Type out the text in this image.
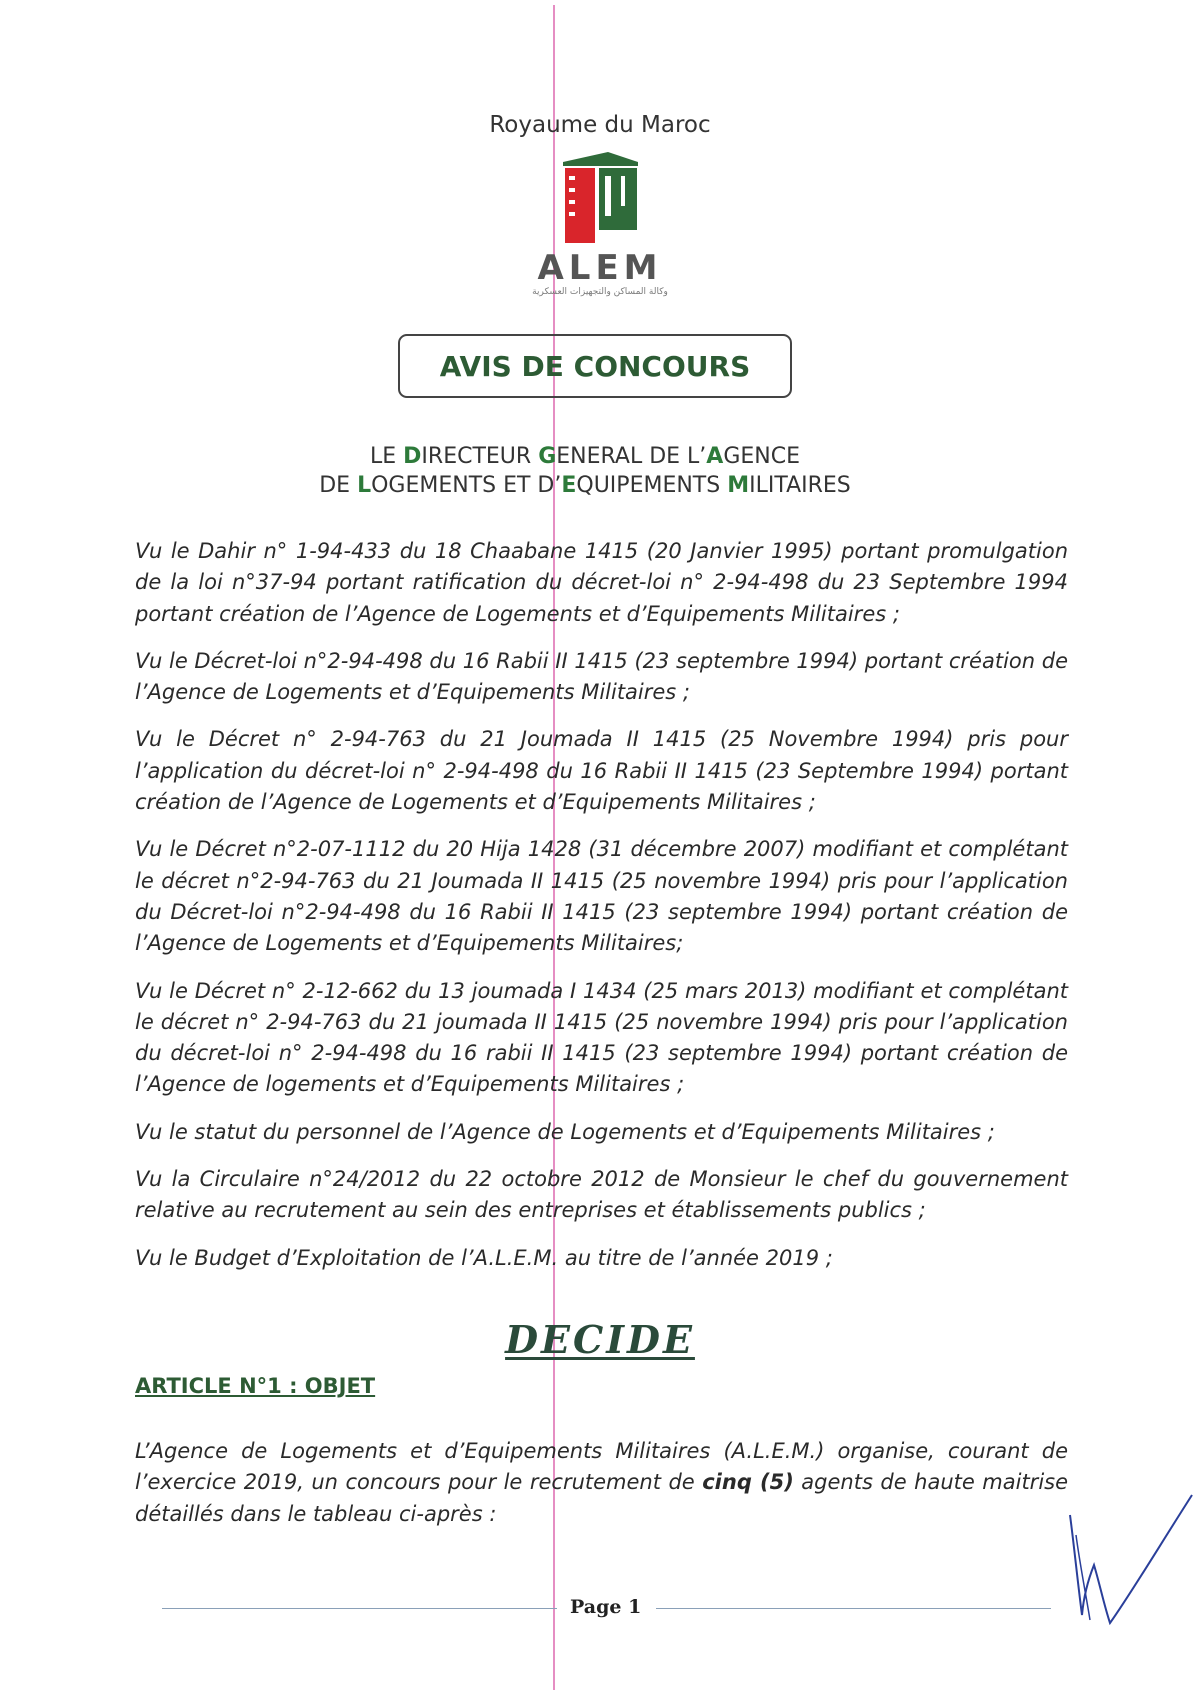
Royaume du Maroc
ALEM
وكالة المساكن والتجهيزات العسكرية
AVIS DE CONCOURS
LE DIRECTEUR GENERAL DE L’AGENCE
DE LOGEMENTS ET D’EQUIPEMENTS MILITAIRES

Vu le Dahir n° 1-94-433 du 18 Chaabane 1415 (20 Janvier 1995) portant promulgation de la loi n°37-94 portant ratification du décret-loi n° 2-94-498 du 23 Septembre 1994 portant création de l’Agence de Logements et d’Equipements Militaires ;

Vu le Décret-loi n°2-94-498 du 16 Rabii II 1415 (23 septembre 1994) portant création de l’Agence de Logements et d’Equipements Militaires ;

Vu le Décret n° 2-94-763 du 21 Joumada II 1415 (25 Novembre 1994) pris pour l’application du décret-loi n° 2-94-498 du 16 Rabii II 1415 (23 Septembre 1994) portant création de l’Agence de Logements et d’Equipements Militaires ;

Vu le Décret n°2-07-1112 du 20 Hija 1428 (31 décembre 2007) modifiant et complétant le décret n°2-94-763 du 21 Joumada II 1415 (25 novembre 1994) pris pour l’application du Décret-loi n°2-94-498 du 16 Rabii II 1415 (23 septembre 1994) portant création de l’Agence de Logements et d’Equipements Militaires;

Vu le Décret n° 2-12-662 du 13 joumada I 1434 (25 mars 2013) modifiant et complétant le décret n° 2-94-763 du 21 joumada II 1415 (25 novembre 1994) pris pour l’application du décret-loi n° 2-94-498 du 16 rabii II 1415 (23 septembre 1994) portant création de l’Agence de logements et d’Equipements Militaires ;

Vu le statut du personnel de l’Agence de Logements et d’Equipements Militaires ;

Vu la Circulaire n°24/2012 du 22 octobre 2012 de Monsieur le chef du gouvernement relative au recrutement au sein des entreprises et établissements publics ;

Vu le Budget d’Exploitation de l’A.L.E.M. au titre de l’année 2019 ;

DECIDE
ARTICLE N°1 : OBJET
L’Agence de Logements et d’Equipements Militaires (A.L.E.M.) organise, courant de l’exercice 2019, un concours pour le recrutement de cinq (5) agents de haute maitrise détaillés dans le tableau ci-après :
Page 1
